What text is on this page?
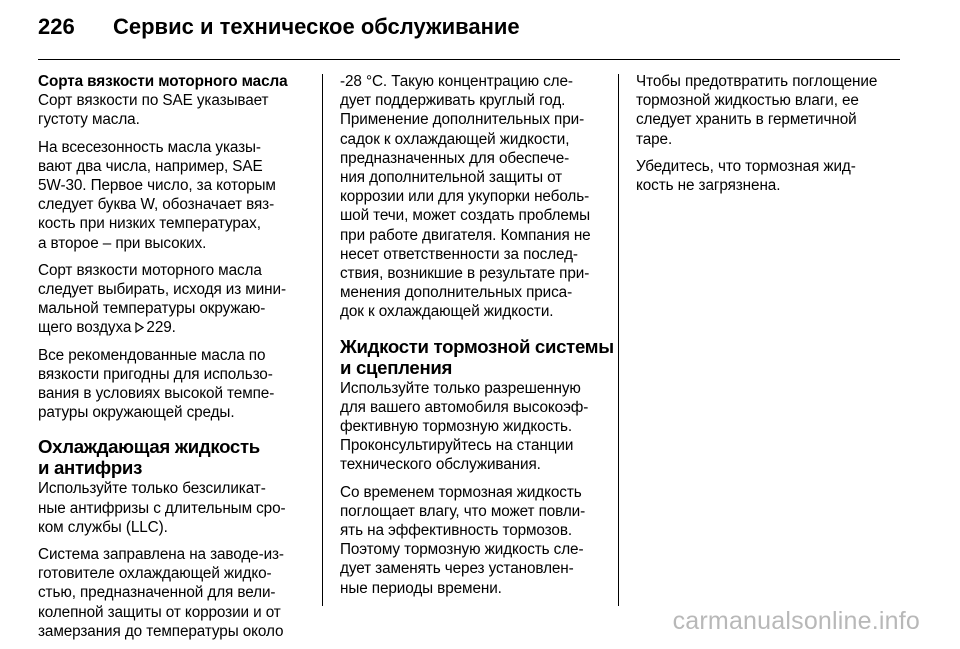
226 Сервис и техническое обслуживание
Сорта вязкости моторного масла

Сорт вязкости по SAE указывает
густоту масла.

На всесезонность масла указы-
вают два числа, например, SAE
5W-30. Первое число, за которым
следует буква W, обозначает вяз-
кость при низких температурах,
а второе – при высоких.

Сорт вязкости моторного масла
следует выбирать, исходя из мини-
мальной температуры окружаю-
щего воздуха
229.

Все рекомендованные масла по
вязкости пригодны для использо-
вания в условиях высокой темпе-
ратуры окружающей среды.

Охлаждающая жидкость
и антифриз

Используйте только безсиликат-
ные антифризы с длительным сро-
ком службы (LLC).

Система заправлена на заводе-из-
готовителе охлаждающей жидко-
стью, предназначенной для вели-
колепной защиты от коррозии и от
замерзания до температуры около

-28 °C. Такую концентрацию сле-
дует поддерживать круглый год.
Применение дополнительных при-
садок к охлаждающей жидкости,
предназначенных для обеспече-
ния дополнительной защиты от
коррозии или для укупорки неболь-
шой течи, может создать проблемы
при работе двигателя. Компания не
несет ответственности за послед-
ствия, возникшие в результате при-
менения дополнительных приса-
док к охлаждающей жидкости.

Жидкости тормозной системы
и сцепления

Используйте только разрешенную
для вашего автомобиля высокоэф-
фективную тормозную жидкость.
Проконсультируйтесь на станции
технического обслуживания.

Со временем тормозная жидкость
поглощает влагу, что может повли-
ять на эффективность тормозов.
Поэтому тормозную жидкость сле-
дует заменять через установлен-
ные периоды времени.

Чтобы предотвратить поглощение
тормозной жидкостью влаги, ее
следует хранить в герметичной
таре.

Убедитесь, что тормозная жид-
кость не загрязнена.

carmanualsonline.info
